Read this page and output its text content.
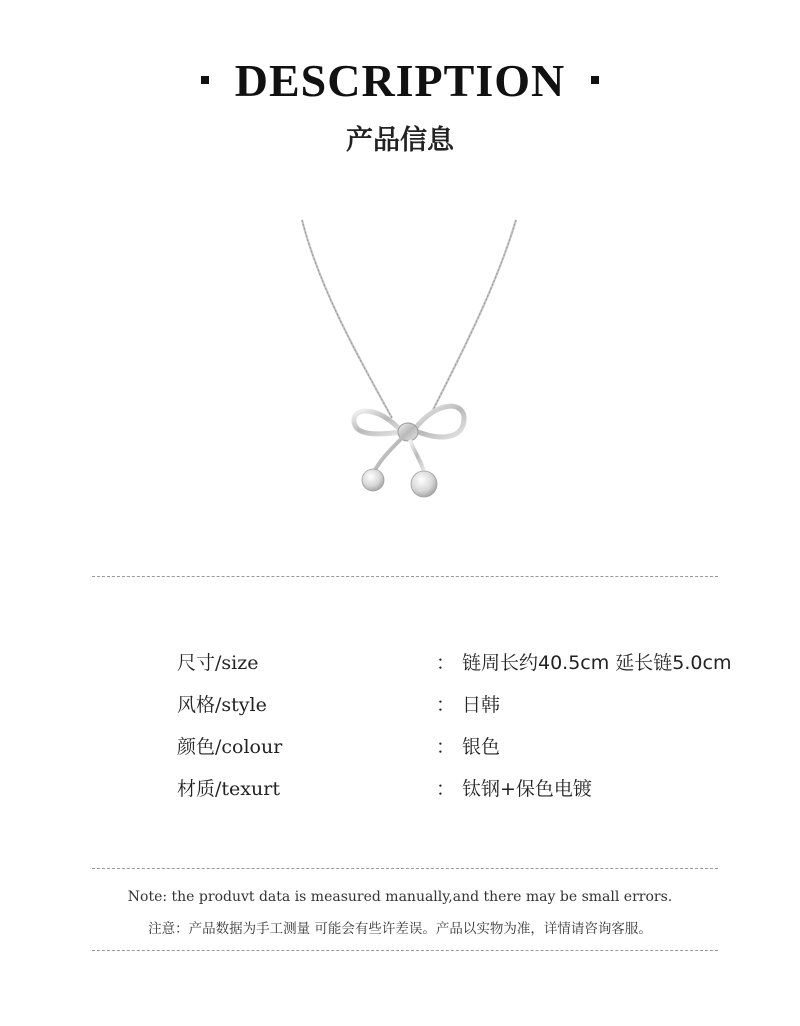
DESCRIPTION
产品信息
尺寸/size	： 链周长约40.5cm 延长链5.0cm
风格/style	： 日韩
颜色/colour	： 银色
材质/texurt	： 钛钢+保色电镀
Note: the produvt data is measured manually,and there may be small errors.
注意：产品数据为手工测量 可能会有些许差误。产品以实物为准，详情请咨询客服。
